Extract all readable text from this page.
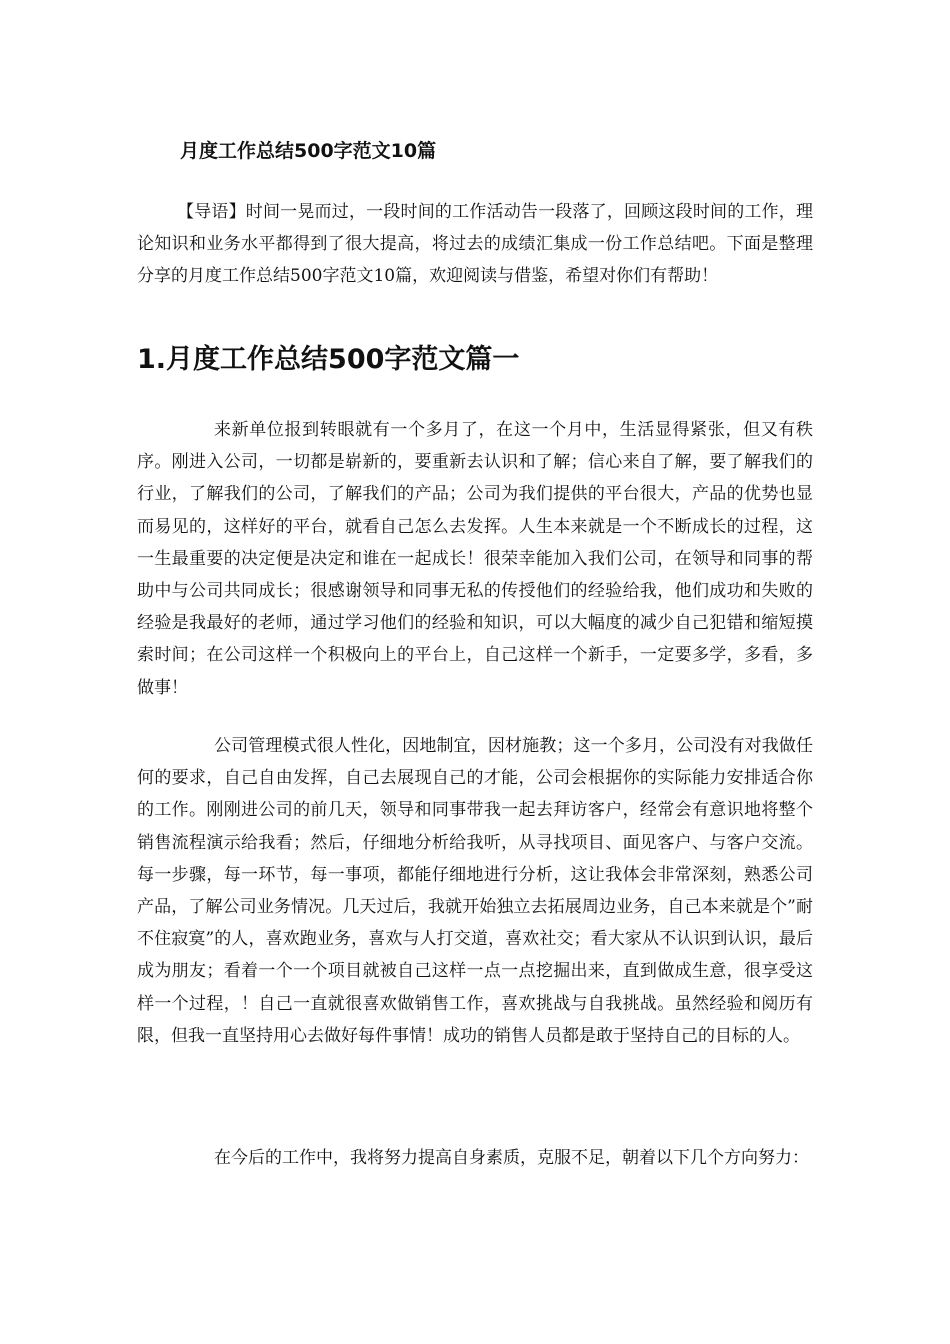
月度工作总结500字范文10篇

【导语】时间一晃而过，一段时间的工作活动告一段落了，回顾这段时间的工作，理论知识和业务水平都得到了很大提高，将过去的成绩汇集成一份工作总结吧。下面是整理分享的月度工作总结500字范文10篇，欢迎阅读与借鉴，希望对你们有帮助！

1.月度工作总结500字范文篇一

来新单位报到转眼就有一个多月了，在这一个月中，生活显得紧张，但又有秩序。刚进入公司，一切都是崭新的，要重新去认识和了解；信心来自了解，要了解我们的行业，了解我们的公司，了解我们的产品；公司为我们提供的平台很大，产品的优势也显而易见的，这样好的平台，就看自己怎么去发挥。人生本来就是一个不断成长的过程，这一生最重要的决定便是决定和谁在一起成长！很荣幸能加入我们公司，在领导和同事的帮助中与公司共同成长；很感谢领导和同事无私的传授他们的经验给我，他们成功和失败的经验是我最好的老师，通过学习他们的经验和知识，可以大幅度的减少自己犯错和缩短摸索时间；在公司这样一个积极向上的平台上，自己这样一个新手，一定要多学，多看，多做事！

公司管理模式很人性化，因地制宜，因材施教；这一个多月，公司没有对我做任何的要求，自己自由发挥，自己去展现自己的才能，公司会根据你的实际能力安排适合你的工作。刚刚进公司的前几天，领导和同事带我一起去拜访客户，经常会有意识地将整个销售流程演示给我看；然后，仔细地分析给我听，从寻找项目、面见客户、与客户交流。每一步骤，每一环节，每一事项，都能仔细地进行分析，这让我体会非常深刻，熟悉公司产品，了解公司业务情况。几天过后，我就开始独立去拓展周边业务，自己本来就是个”耐不住寂寞”的人，喜欢跑业务，喜欢与人打交道，喜欢社交；看大家从不认识到认识，最后成为朋友；看着一个一个项目就被自己这样一点一点挖掘出来，直到做成生意，很享受这样一个过程，！自己一直就很喜欢做销售工作，喜欢挑战与自我挑战。虽然经验和阅历有限，但我一直坚持用心去做好每件事情！成功的销售人员都是敢于坚持自己的目标的人。

在今后的工作中，我将努力提高自身素质，克服不足，朝着以下几个方向努力：
